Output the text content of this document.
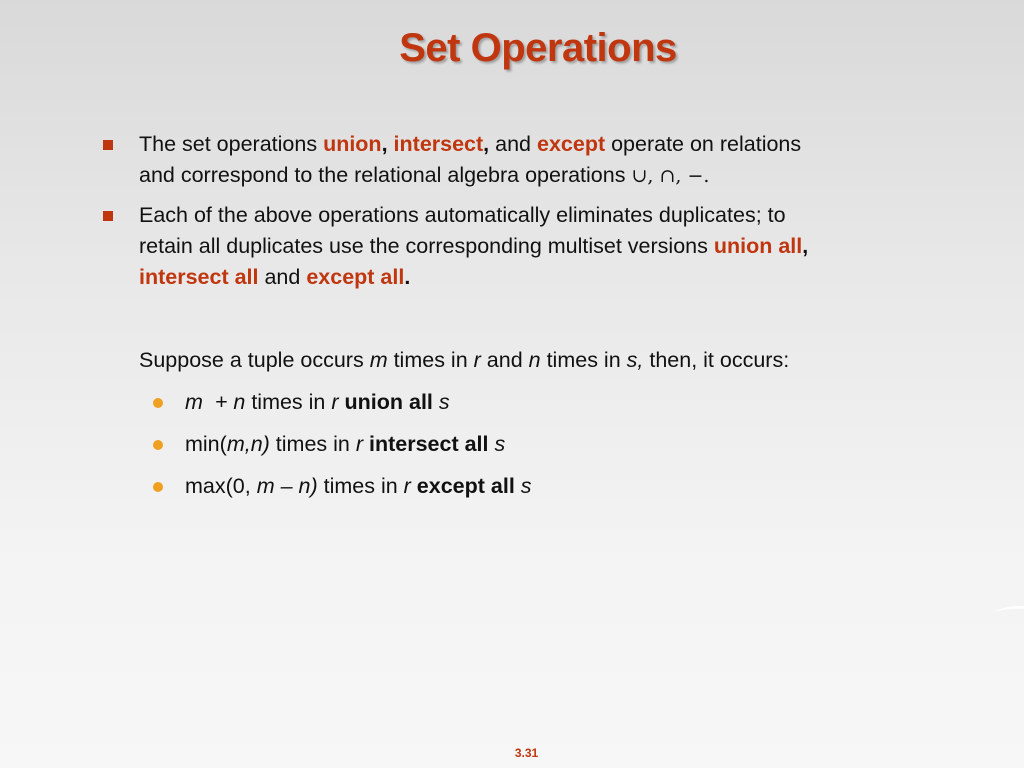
Set Operations
The set operations union, intersect, and except operate on relations
and correspond to the relational algebra operations ∪, ∩, −.
Each of the above operations automatically eliminates duplicates; to
retain all duplicates use the corresponding multiset versions union all,
intersect all and except all.
Suppose a tuple occurs m times in r and n times in s, then, it occurs:
m  + n times in r union all s
min(m,n) times in r intersect all s
max(0, m – n) times in r except all s
3.31
